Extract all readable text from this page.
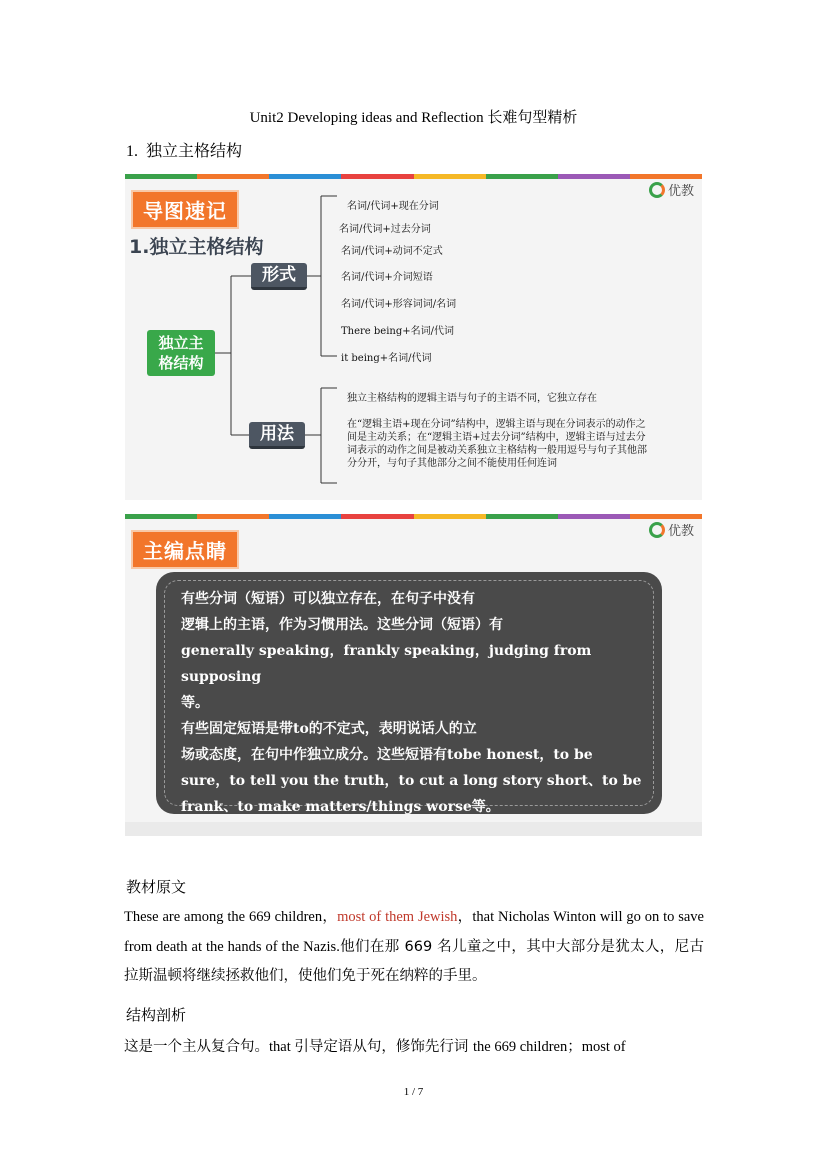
Unit2 Developing ideas and Reflection 长难句型精析
1. 独立主格结构
导图速记
优教
1.独立主格结构
独立主
格结构
形式
用法
名词/代词+现在分词
名词/代词+过去分词
名词/代词+动词不定式
名词/代词+介词短语
名词/代词+形容词词/名词
There being+名词/代词
it being+名词/代词
独立主格结构的逻辑主语与句子的主语不同，它独立存在
在“逻辑主语+现在分词”结构中，逻辑主语与现在分词表示的动作之间是主动关系；在“逻辑主语+过去分词”结构中，逻辑主语与过去分词表示的动作之间是被动关系独立主格结构一般用逗号与句子其他部分分开，与句子其他部分之间不能使用任何连词
主编点睛
优教
有些分词（短语）可以独立存在，在句子中没有
逻辑上的主语，作为习惯用法。这些分词（短语）有
generally speaking，frankly speaking，judging from supposing
等。
有些固定短语是带to的不定式，表明说话人的立
场或态度，在句中作独立成分。这些短语有tobe honest，to be
sure，to tell you the truth，to cut a long story short、to be
frank、to make matters/things worse等。
教材原文
These are among the 669 children，most of them Jewish，that Nicholas Winton will go on to save from death at the hands of the Nazis.他们在那 669 名儿童之中，其中大部分是犹太人，尼古拉斯温顿将继续拯救他们，使他们免于死在纳粹的手里。
结构剖析
这是一个主从复合句。that 引导定语从句，修饰先行词 the 669 children；most of
1 / 7
